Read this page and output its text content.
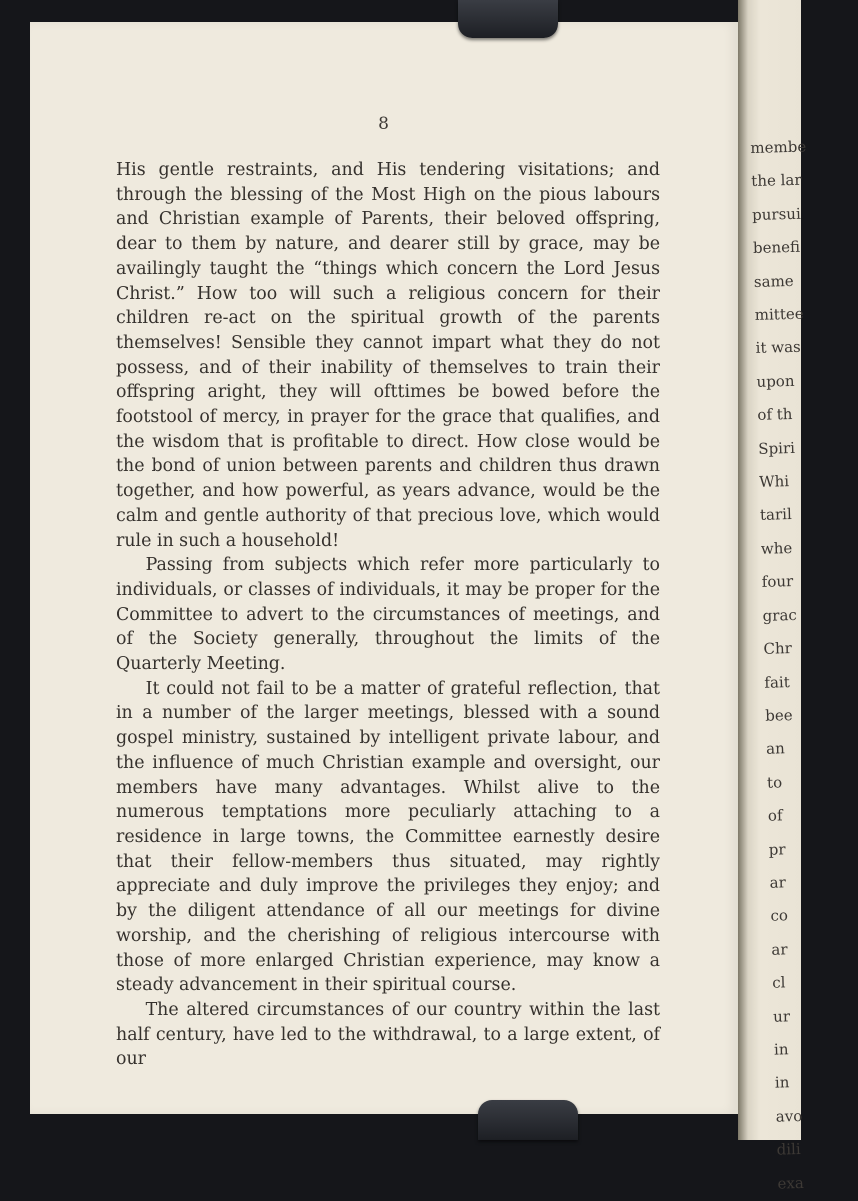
membe
the lar
pursui
benefi
same
mittee
it was
upon
of th
Spiri
Whi
taril
whe
four
grac
Chr
fait
bee
an
to
of
pr
ar
co
ar
cl
ur
in
in
avo
dili
exa
8

His gentle restraints, and His tendering visitations; and through the blessing of the Most High on the pious labours and Christian example of Parents, their beloved offspring, dear to them by nature, and dearer still by grace, may be availingly taught the “things which concern the Lord Jesus Christ.” How too will such a religious concern for their children re-act on the spiritual growth of the parents themselves! Sensible they cannot impart what they do not possess, and of their inability of themselves to train their offspring aright, they will ofttimes be bowed before the footstool of mercy, in prayer for the grace that qualifies, and the wisdom that is profitable to direct. How close would be the bond of union between parents and children thus drawn together, and how powerful, as years advance, would be the calm and gentle authority of that precious love, which would rule in such a household!

Passing from subjects which refer more particularly to individuals, or classes of individuals, it may be proper for the Committee to advert to the circumstances of meetings, and of the Society generally, throughout the limits of the Quarterly Meeting.

It could not fail to be a matter of grateful reflection, that in a number of the larger meetings, blessed with a sound gospel ministry, sustained by intelligent private labour, and the influence of much Christian example and oversight, our members have many advantages. Whilst alive to the numerous temptations more peculiarly attaching to a residence in large towns, the Committee earnestly desire that their fellow-members thus situated, may rightly appreciate and duly improve the privileges they enjoy; and by the diligent attendance of all our meetings for divine worship, and the cherishing of religious intercourse with those of more enlarged Christian experience, may know a steady advancement in their spiritual course.

The altered circumstances of our country within the last half century, have led to the withdrawal, to a large extent, of our
